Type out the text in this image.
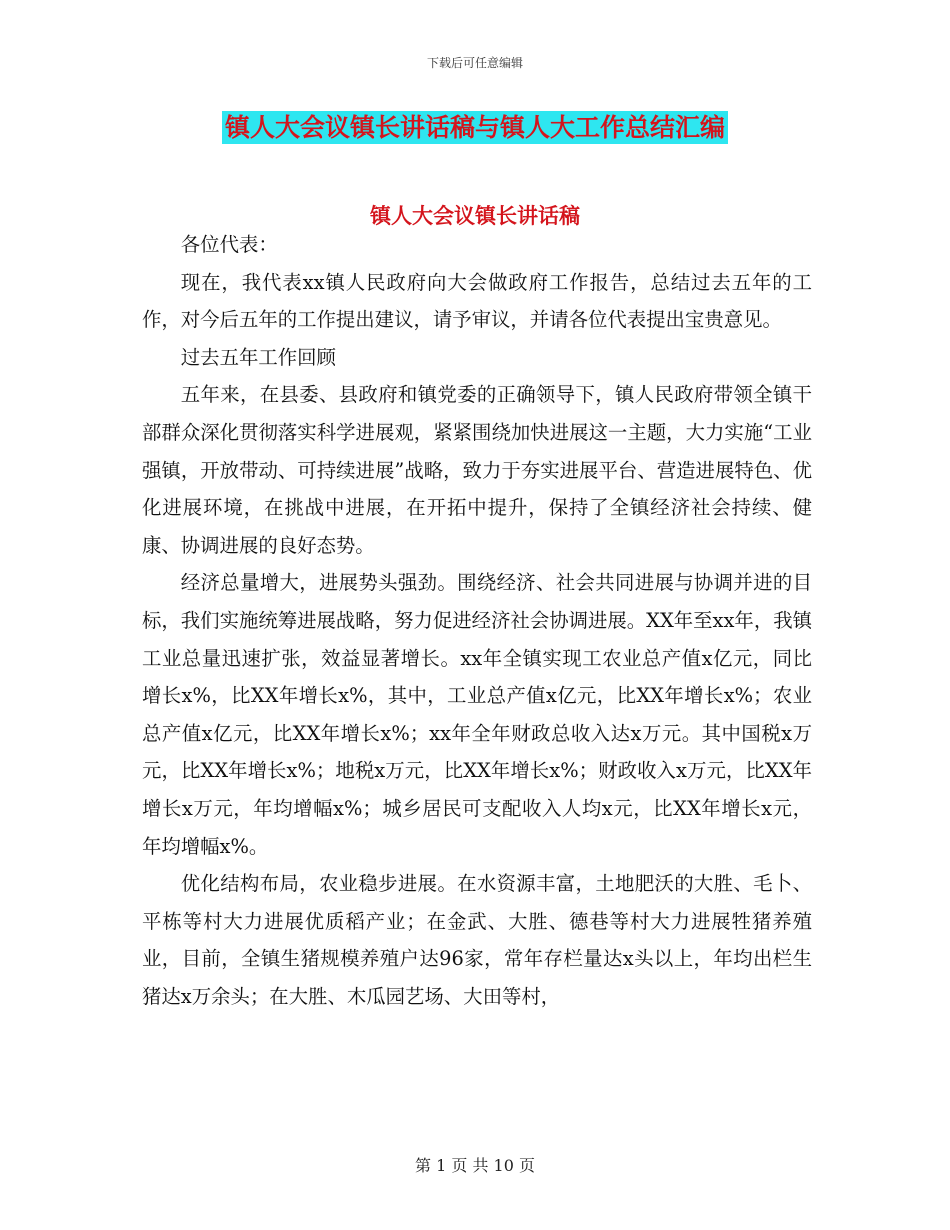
下载后可任意编辑
镇人大会议镇长讲话稿与镇人大工作总结汇编
镇人大会议镇长讲话稿

各位代表：

现在，我代表xx镇人民政府向大会做政府工作报告，总结过去五年的工作，对今后五年的工作提出建议，请予审议，并请各位代表提出宝贵意见。

过去五年工作回顾

五年来，在县委、县政府和镇党委的正确领导下，镇人民政府带领全镇干部群众深化贯彻落实科学进展观，紧紧围绕加快进展这一主题，大力实施“工业强镇，开放带动、可持续进展”战略，致力于夯实进展平台、营造进展特色、优化进展环境，在挑战中进展，在开拓中提升，保持了全镇经济社会持续、健康、协调进展的良好态势。

经济总量增大，进展势头强劲。围绕经济、社会共同进展与协调并进的目标，我们实施统筹进展战略，努力促进经济社会协调进展。XX年至xx年，我镇工业总量迅速扩张，效益显著增长。xx年全镇实现工农业总产值x亿元，同比增长x%，比XX年增长x%，其中，工业总产值x亿元，比XX年增长x%；农业总产值x亿元，比XX年增长x%；xx年全年财政总收入达x万元。其中国税x万元，比XX年增长x%；地税x万元，比XX年增长x%；财政收入x万元，比XX年增长x万元，年均增幅x%；城乡居民可支配收入人均x元，比XX年增长x元，年均增幅x%。

优化结构布局，农业稳步进展。在水资源丰富，土地肥沃的大胜、毛卜、平栋等村大力进展优质稻产业；在金武、大胜、德巷等村大力进展牲猪养殖业，目前，全镇生猪规模养殖户达96家，常年存栏量达x头以上，年均出栏生猪达x万余头；在大胜、木瓜园艺场、大田等村，

第 1 页 共 10 页
